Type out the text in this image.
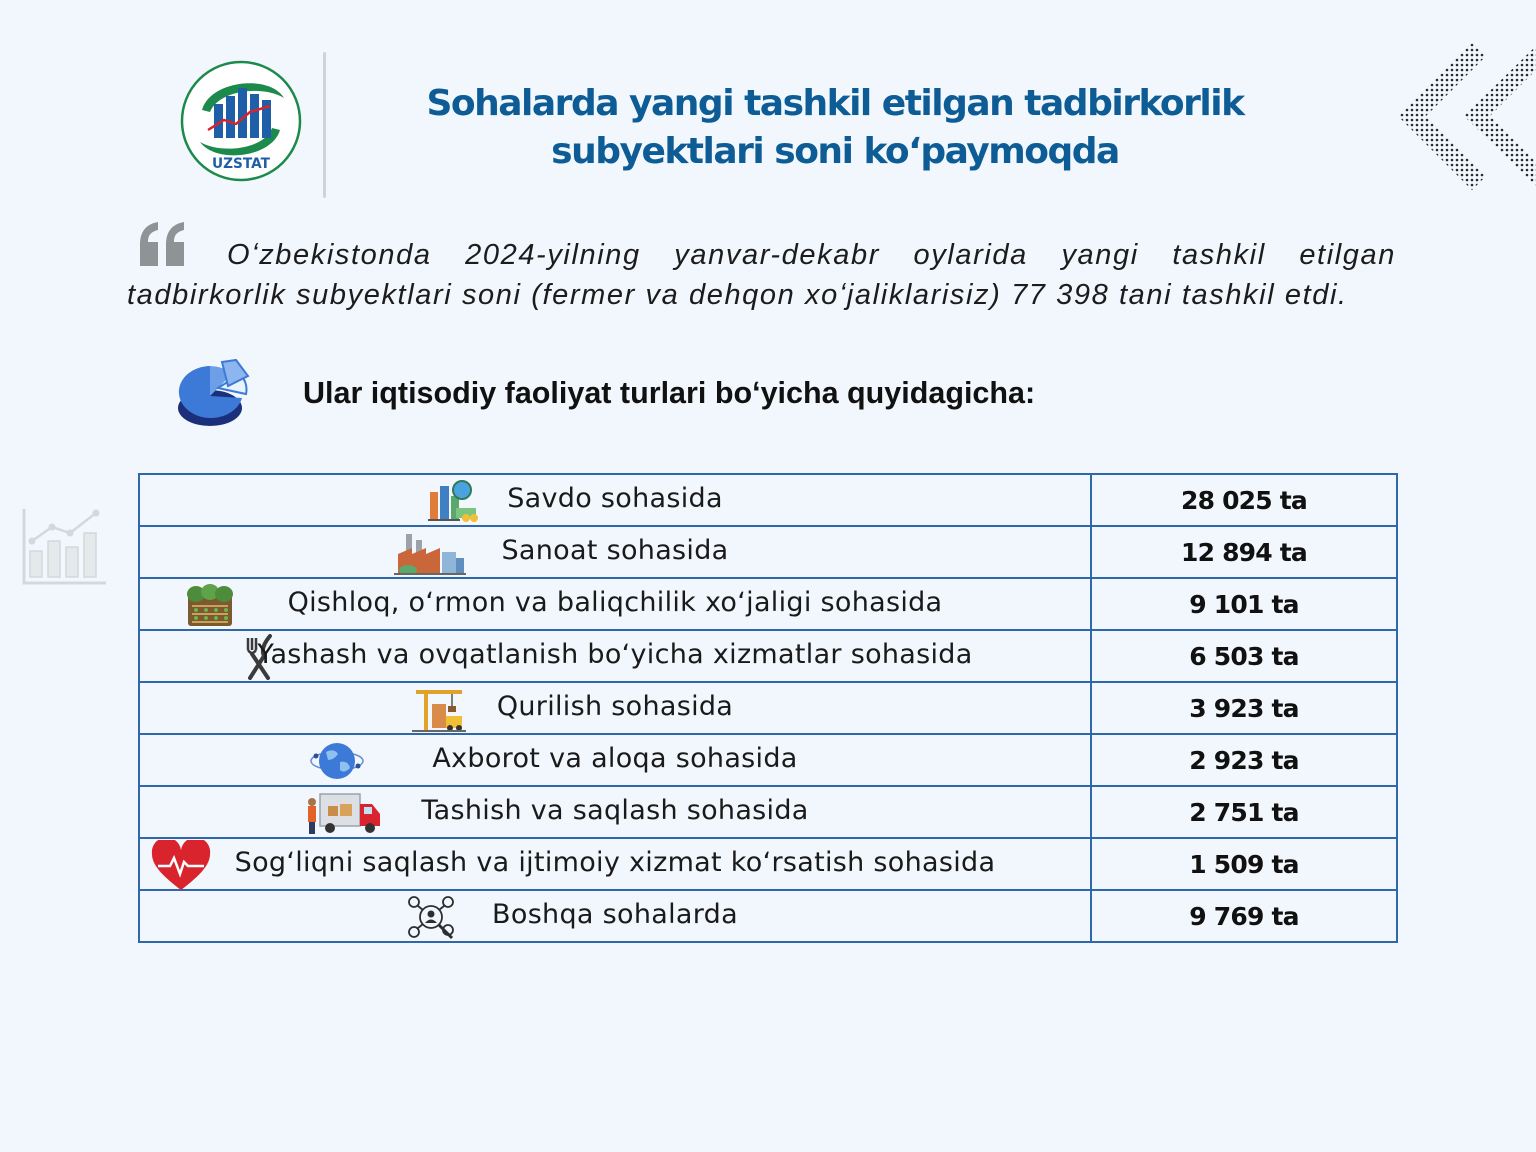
UZSTAT
Sohalarda yangi tashkil etilgan tadbirkorlik
subyektlari soni koʻpaymoqda
Oʻzbekistonda 2024-yilning yanvar-dekabr oylarida yangi tashkil etilgan tadbirkorlik subyektlari soni (fermer va dehqon xoʻjaliklarisiz) 77 398 tani tashkil etdi.
Ular iqtisodiy faoliyat turlari boʻyicha quyidagicha:
Savdo sohasida	28 025 ta

Sanoat sohasida	12 894 ta

Qishloq, oʻrmon va baliqchilik xoʻjaligi sohasida	9 101 ta

Yashash va ovqatlanish boʻyicha xizmatlar sohasida	6 503 ta

Qurilish sohasida	3 923 ta

Axborot va aloqa sohasida	2 923 ta

Tashish va saqlash sohasida	2 751 ta

Sogʻliqni saqlash va ijtimoiy xizmat koʻrsatish sohasida	1 509 ta

Boshqa sohalarda	9 769 ta
